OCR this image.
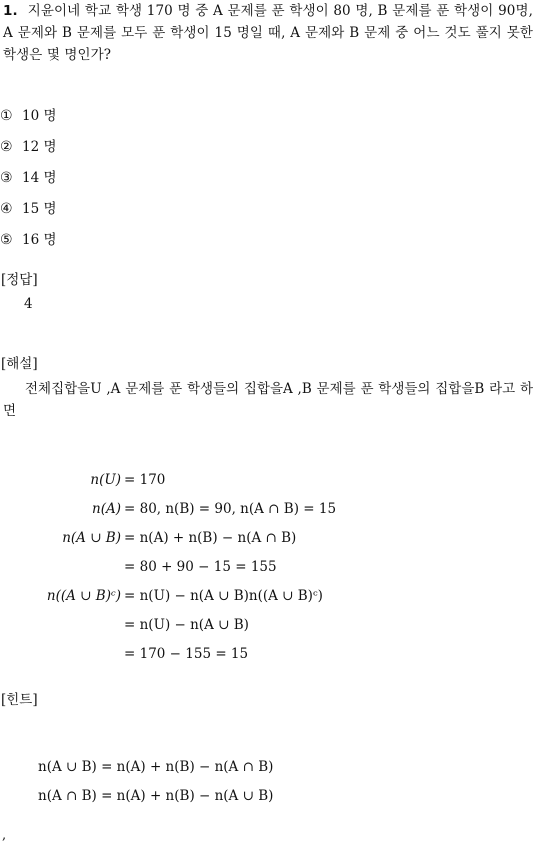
1. 지윤이네 학교 학생 170 명 중 A 문제를 푼 학생이 80 명, B 문제를 푼 학생이 90명, A 문제와 B 문제를 모두 푼 학생이 15 명일 때, A 문제와 B 문제 중 어느 것도 풀지 못한 학생은 몇 명인가?
① 10 명
② 12 명
③ 14 명
④ 15 명
⑤ 16 명
[정답]
4
[해설]
전체집합을U ,A 문제를 푼 학생들의 집합을A ,B 문제를 푼 학생들의 집합을B 라고 하면
n(U) = 170
n(A) = 80, n(B) = 90, n(A ∩ B) = 15
n(A ∪ B) = n(A) + n(B) − n(A ∩ B)
= 80 + 90 − 15 = 155
n((A ∪ B)ᶜ) = n(U) − n(A ∪ B)n((A ∪ B)ᶜ)
= n(U) − n(A ∪ B)
= 170 − 155 = 15
[힌트]
n(A ∪ B) = n(A) + n(B) − n(A ∩ B)
n(A ∩ B) = n(A) + n(B) − n(A ∪ B)
,
